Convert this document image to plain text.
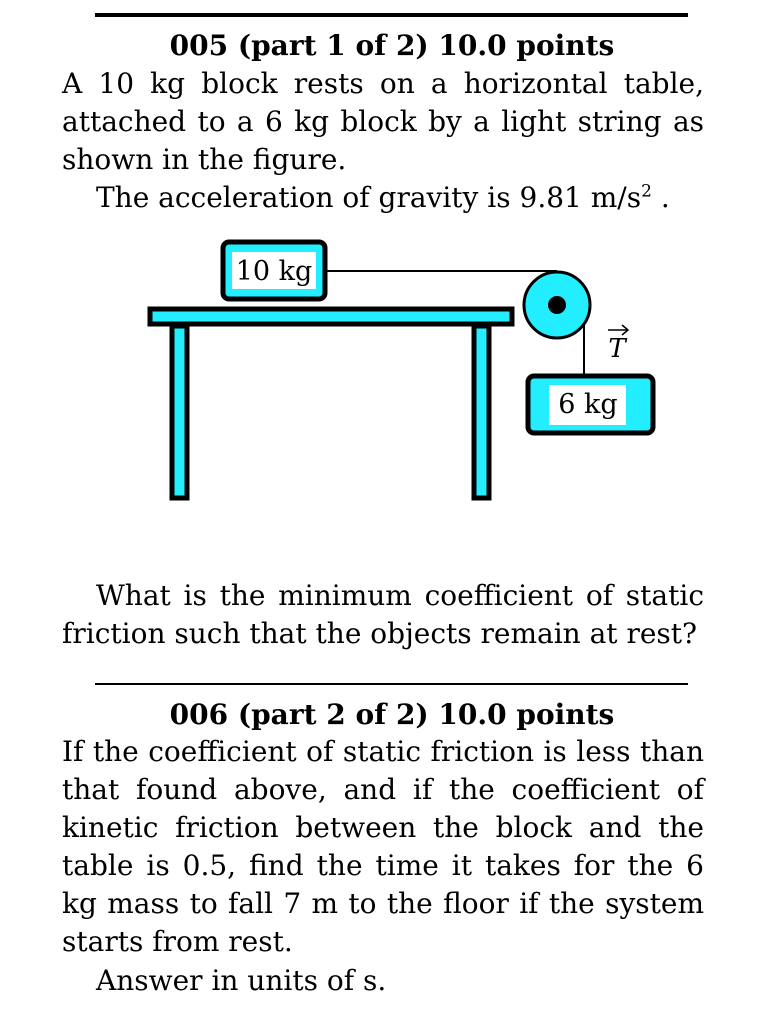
005 (part 1 of 2) 10.0 points
A 10 kg block rests on a horizontal table, attached to a 6 kg block by a light string as shown in the figure.
The acceleration of gravity is 9.81 $m/s^2$ .
10 kg
T
6 kg
What is the minimum coefficient of static friction such that the objects remain at rest?
006 (part 2 of 2) 10.0 points
If the coefficient of static friction is less than that found above, and if the coefficient of kinetic friction between the block and the table is 0.5, find the time it takes for the 6 kg mass to fall 7 m to the floor if the system starts from rest.
Answer in units of s.
